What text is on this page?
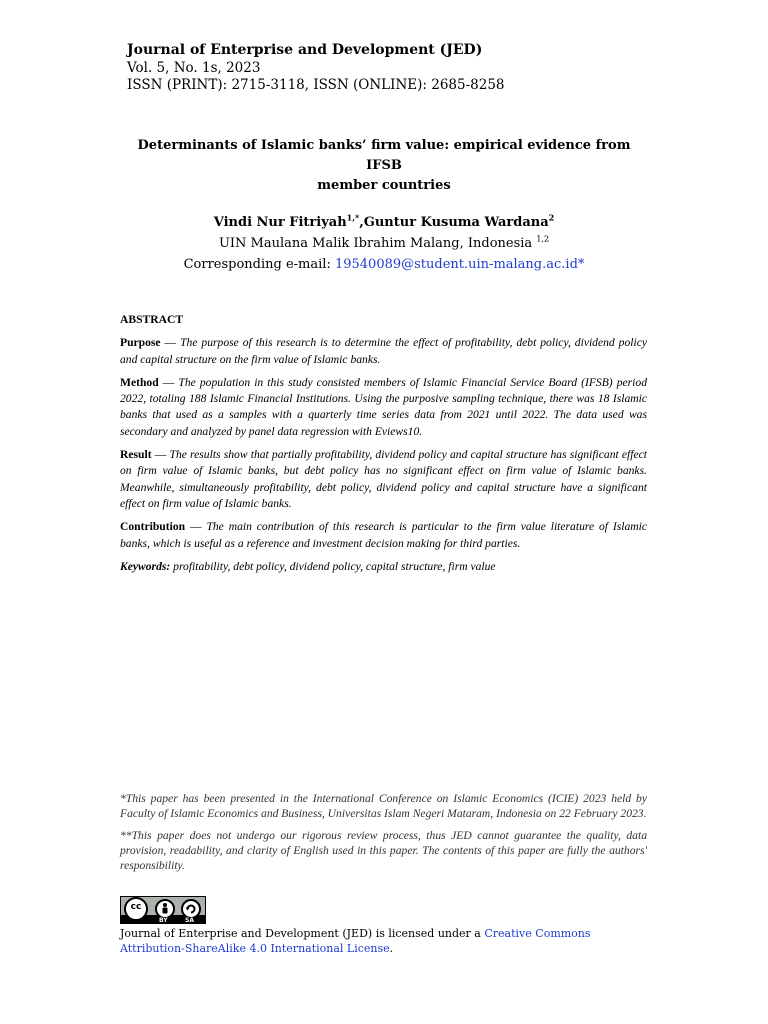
Journal of Enterprise and Development (JED)
Vol. 5, No. 1s, 2023
ISSN (PRINT): 2715-3118, ISSN (ONLINE): 2685-8258
Determinants of Islamic banks’ firm value: empirical evidence from IFSB
member countries
Vindi Nur Fitriyah$^{1,*}$,Guntur Kusuma Wardana$^2$
UIN Maulana Malik Ibrahim Malang, Indonesia $^{1,2}$
Corresponding e-mail: 19540089@student.uin-malang.ac.id*
ABSTRACT

Purpose — The purpose of this research is to determine the effect of profitability, debt policy, dividend policy and capital structure on the firm value of Islamic banks.

Method — The population in this study consisted members of Islamic Financial Service Board (IFSB) period 2022, totaling 188 Islamic Financial Institutions. Using the purposive sampling technique, there was 18 Islamic banks that used as a samples with a quarterly time series data from 2021 until 2022. The data used was secondary and analyzed by panel data regression with Eviews10.

Result — The results show that partially profitability, dividend policy and capital structure has significant effect on firm value of Islamic banks, but debt policy has no significant effect on firm value of Islamic banks. Meanwhile, simultaneously profitability, debt policy, dividend policy and capital structure have a significant effect on firm value of Islamic banks.

Contribution — The main contribution of this research is particular to the firm value literature of Islamic banks, which is useful as a reference and investment decision making for third parties.

Keywords: profitability, debt policy, dividend policy, capital structure, firm value

*This paper has been presented in the International Conference on Islamic Economics (ICIE) 2023 held by Faculty of Islamic Economics and Business, Universitas Islam Negeri Mataram, Indonesia on 22 February 2023.

**This paper does not undergo our rigorous review process, thus JED cannot guarantee the quality, data provision, readability, and clarity of English used in this paper. The contents of this paper are fully the authors' responsibility.

cc
BY	SA
Journal of Enterprise and Development (JED) is licensed under a Creative Commons Attribution-ShareAlike 4.0 International License.
